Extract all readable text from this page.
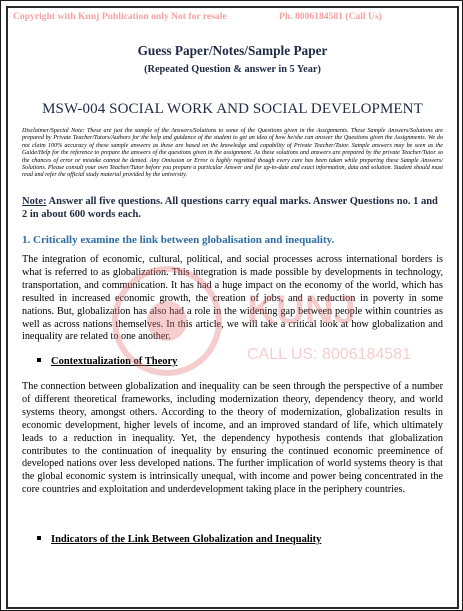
Copyright with Kunj Publication only Not for resale	Ph. 8006184581 (Call Us)
Guess Paper/Notes/Sample Paper
(Repeated Question & answer in 5 Year)
MSW-004 SOCIAL WORK AND SOCIAL DEVELOPMENT
Disclaimer/Special Note: These are just the sample of the Answers/Solutions to some of the Questions given in the Assignments. These Sample Answers/Solutions are prepared by Private Teacher/Tutors/Authors for the help and guidance of the student to get an idea of how he/she can answer the Questions given the Assignments. We do not claim 100% accuracy of these sample answers as these are based on the knowledge and capability of Private Teacher/Tutor. Sample answers may be seen as the Guide/Help for the reference to prepare the answers of the questions given in the assignment. As these solutions and answers are prepared by the private Teacher/Tutor so the chances of error or mistake cannot be denied. Any Omission or Error is highly regretted though every care has been taken while preparing these Sample Answers/ Solutions. Please consult your own Teacher/Tutor before you prepare a particular Answer and for up-to-date and exact information, data and solution. Student should must read and refer the official study material provided by the university.
Note: Answer all five questions. All questions carry equal marks. Answer Questions no. 1 and 2 in about 600 words each.
1. Critically examine the link between globalisation and inequality.
The integration of economic, cultural, political, and social processes across international borders is what is referred to as globalization. This integration is made possible by developments in technology, transportation, and communication. It has had a huge impact on the economy of the world, which has resulted in increased economic growth, the creation of jobs, and a reduction in poverty in some nations. But, globalization has also had a role in the widening gap between people within countries as well as across nations themselves. In this article, we will take a critical look at how globalization and inequality are related to one another.
Contextualization of Theory
The connection between globalization and inequality can be seen through the perspective of a number of different theoretical frameworks, including modernization theory, dependency theory, and world systems theory, amongst others. According to the theory of modernization, globalization results in economic development, higher levels of income, and an improved standard of life, which ultimately leads to a reduction in inequality. Yet, the dependency hypothesis contends that globalization contributes to the continuation of inequality by ensuring the continued economic preeminence of developed nations over less developed nations. The further implication of world systems theory is that the global economic system is intrinsically unequal, with income and power being concentrated in the core countries and exploitation and underdevelopment taking place in the periphery countries.
Indicators of the Link Between Globalization and Inequality
KUNJ
CALL US: 8006184581
